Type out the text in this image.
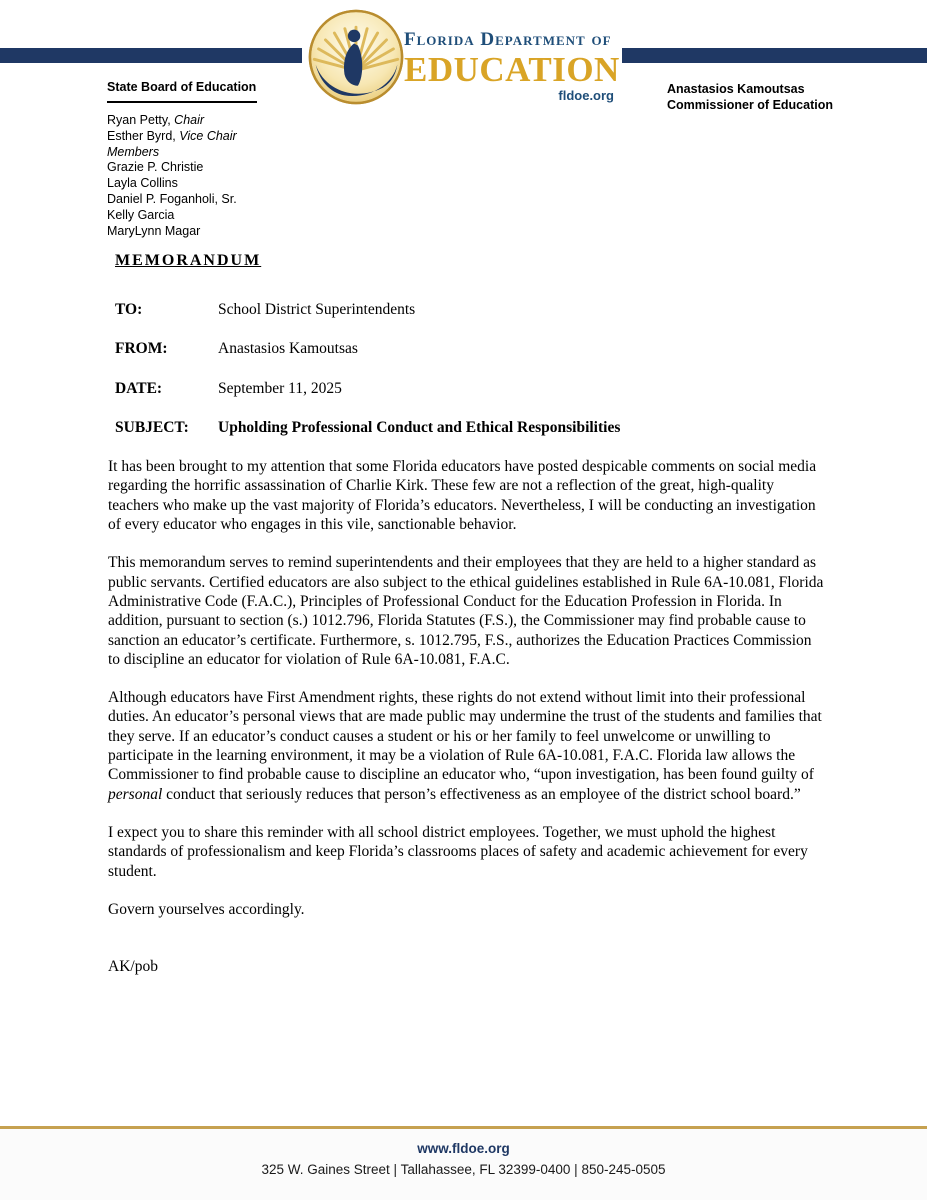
Florida Department of
EDUCATION
fldoe.org
State Board of Education
Ryan Petty, Chair
Esther Byrd, Vice Chair
Members
Grazie P. Christie
Layla Collins
Daniel P. Foganholi, Sr.
Kelly Garcia
MaryLynn Magar
Anastasios Kamoutsas
Commissioner of Education
MEMORANDUM
TO:	School District Superintendents
FROM:	Anastasios Kamoutsas
DATE:	September 11, 2025
SUBJECT: Upholding Professional Conduct and Ethical Responsibilities

It has been brought to my attention that some Florida educators have posted despicable comments on social media regarding the horrific assassination of Charlie Kirk. These few are not a reflection of the great, high-quality teachers who make up the vast majority of Florida’s educators. Nevertheless, I will be conducting an investigation of every educator who engages in this vile, sanctionable behavior.

This memorandum serves to remind superintendents and their employees that they are held to a higher standard as public servants. Certified educators are also subject to the ethical guidelines established in Rule 6A-10.081, Florida Administrative Code (F.A.C.), Principles of Professional Conduct for the Education Profession in Florida. In addition, pursuant to section (s.) 1012.796, Florida Statutes (F.S.), the Commissioner may find probable cause to sanction an educator’s certificate. Furthermore, s. 1012.795, F.S., authorizes the Education Practices Commission to discipline an educator for violation of Rule 6A-10.081, F.A.C.

Although educators have First Amendment rights, these rights do not extend without limit into their professional duties. An educator’s personal views that are made public may undermine the trust of the students and families that they serve. If an educator’s conduct causes a student or his or her family to feel unwelcome or unwilling to participate in the learning environment, it may be a violation of Rule 6A-10.081, F.A.C. Florida law allows the Commissioner to find probable cause to discipline an educator who, “upon investigation, has been found guilty of personal conduct that seriously reduces that person’s effectiveness as an employee of the district school board.”

I expect you to share this reminder with all school district employees. Together, we must uphold the highest standards of professionalism and keep Florida’s classrooms places of safety and academic achievement for every student.

Govern yourselves accordingly.

AK/pob

www.fldoe.org
325 W. Gaines Street | Tallahassee, FL 32399-0400 | 850-245-0505
